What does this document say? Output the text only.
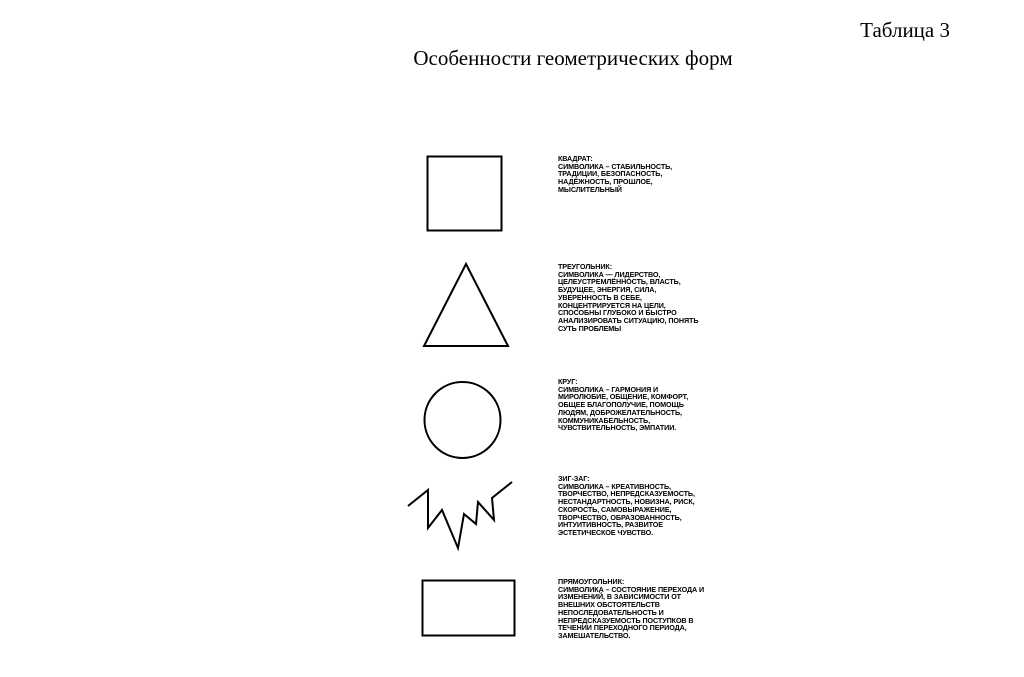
Таблица 3
Особенности геометрических форм
КВАДРАТ:
СИМВОЛИКА – СТАБИЛЬНОСТЬ,
ТРАДИЦИИ, БЕЗОПАСНОСТЬ,
НАДЁЖНОСТЬ, ПРОШЛОЕ,
МЫСЛИТЕЛЬНЫЙ
ТРЕУГОЛЬНИК:
СИМВОЛИКА — ЛИДЕРСТВО,
ЦЕЛЕУСТРЕМЛЁННОСТЬ, ВЛАСТЬ,
БУДУЩЕЕ, ЭНЕРГИЯ, СИЛА,
УВЕРЕННОСТЬ В СЕБЕ,
КОНЦЕНТРИРУЕТСЯ НА ЦЕЛИ,
СПОСОБНЫ ГЛУБОКО И БЫСТРО
АНАЛИЗИРОВАТЬ СИТУАЦИЮ, ПОНЯТЬ
СУТЬ ПРОБЛЕМЫ
КРУГ:
СИМВОЛИКА – ГАРМОНИЯ И
МИРОЛЮБИЕ, ОБЩЕНИЕ, КОМФОРТ,
ОБЩЕЕ БЛАГОПОЛУЧИЕ, ПОМОЩЬ
ЛЮДЯМ, ДОБРОЖЕЛАТЕЛЬНОСТЬ,
КОММУНИКАБЕЛЬНОСТЬ,
ЧУВСТВИТЕЛЬНОСТЬ, ЭМПАТИИ.
ЗИГ-ЗАГ:
СИМВОЛИКА – КРЕАТИВНОСТЬ,
ТВОРЧЕСТВО, НЕПРЕДСКАЗУЕМОСТЬ,
НЕСТАНДАРТНОСТЬ, НОВИЗНА, РИСК,
СКОРОСТЬ, САМОВЫРАЖЕНИЕ,
ТВОРЧЕСТВО, ОБРАЗОВАННОСТЬ,
ИНТУИТИВНОСТЬ, РАЗВИТОЕ
ЭСТЕТИЧЕСКОЕ ЧУВСТВО.
ПРЯМОУГОЛЬНИК:
СИМВОЛИКА – СОСТОЯНИЕ ПЕРЕХОДА И
ИЗМЕНЕНИЙ, В ЗАВИСИМОСТИ ОТ
ВНЕШНИХ ОБСТОЯТЕЛЬСТВ
НЕПОСЛЕДОВАТЕЛЬНОСТЬ И
НЕПРЕДСКАЗУЕМОСТЬ ПОСТУПКОВ В
ТЕЧЕНИИ ПЕРЕХОДНОГО ПЕРИОДА,
ЗАМЕШАТЕЛЬСТВО.
